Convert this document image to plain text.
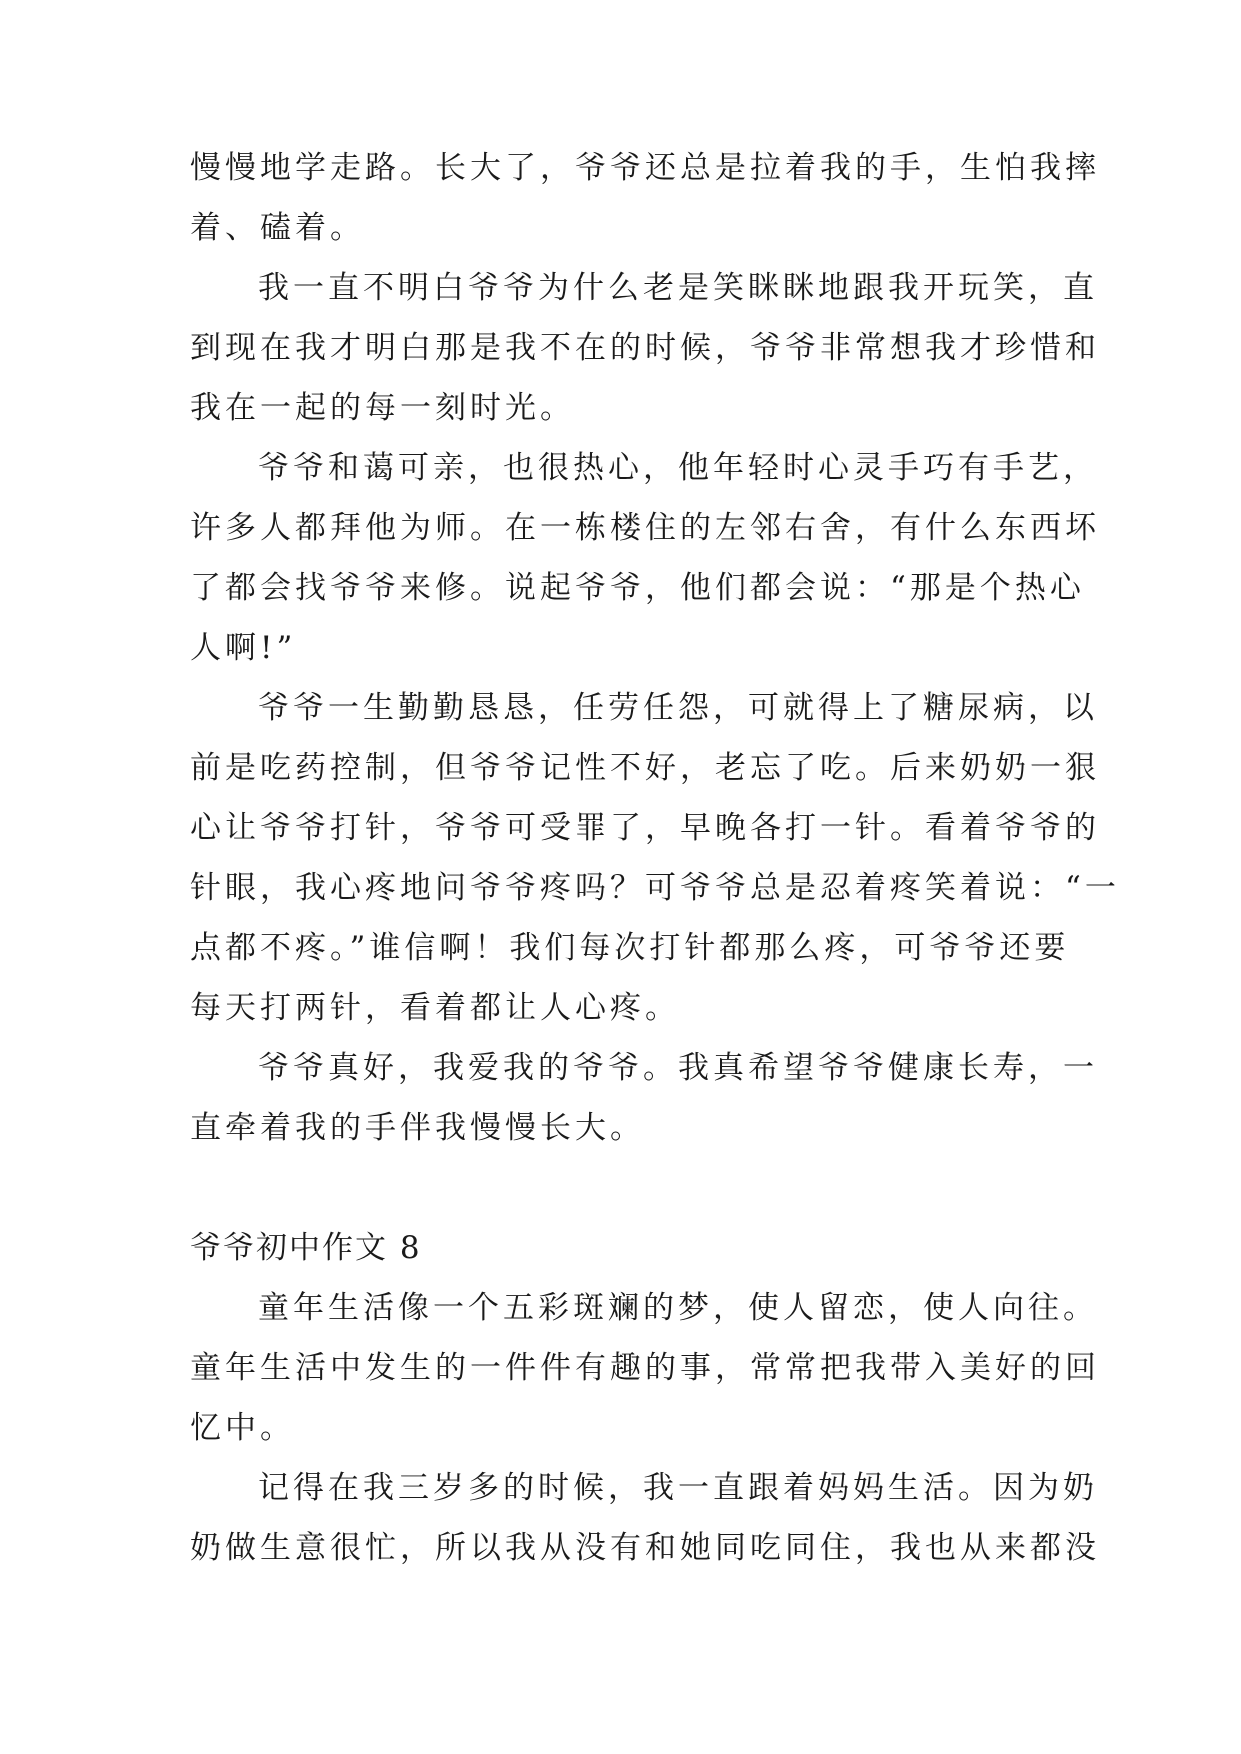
慢慢地学走路。长大了，爷爷还总是拉着我的手，生怕我摔
着、磕着。
我一直不明白爷爷为什么老是笑眯眯地跟我开玩笑，直
到现在我才明白那是我不在的时候，爷爷非常想我才珍惜和
我在一起的每一刻时光。
爷爷和蔼可亲，也很热心，他年轻时心灵手巧有手艺，
许多人都拜他为师。在一栋楼住的左邻右舍，有什么东西坏
了都会找爷爷来修。说起爷爷，他们都会说：“那是个热心
人啊!”
爷爷一生勤勤恳恳，任劳任怨，可就得上了糖尿病，以
前是吃药控制，但爷爷记性不好，老忘了吃。后来奶奶一狠
心让爷爷打针，爷爷可受罪了，早晚各打一针。看着爷爷的
针眼，我心疼地问爷爷疼吗？可爷爷总是忍着疼笑着说：“一
点都不疼。”谁信啊！我们每次打针都那么疼，可爷爷还要
每天打两针，看着都让人心疼。
爷爷真好，我爱我的爷爷。我真希望爷爷健康长寿，一
直牵着我的手伴我慢慢长大。
爷爷初中作文 8
童年生活像一个五彩斑斓的梦，使人留恋，使人向往。
童年生活中发生的一件件有趣的事，常常把我带入美好的回
忆中。
记得在我三岁多的时候，我一直跟着妈妈生活。因为奶
奶做生意很忙，所以我从没有和她同吃同住，我也从来都没
